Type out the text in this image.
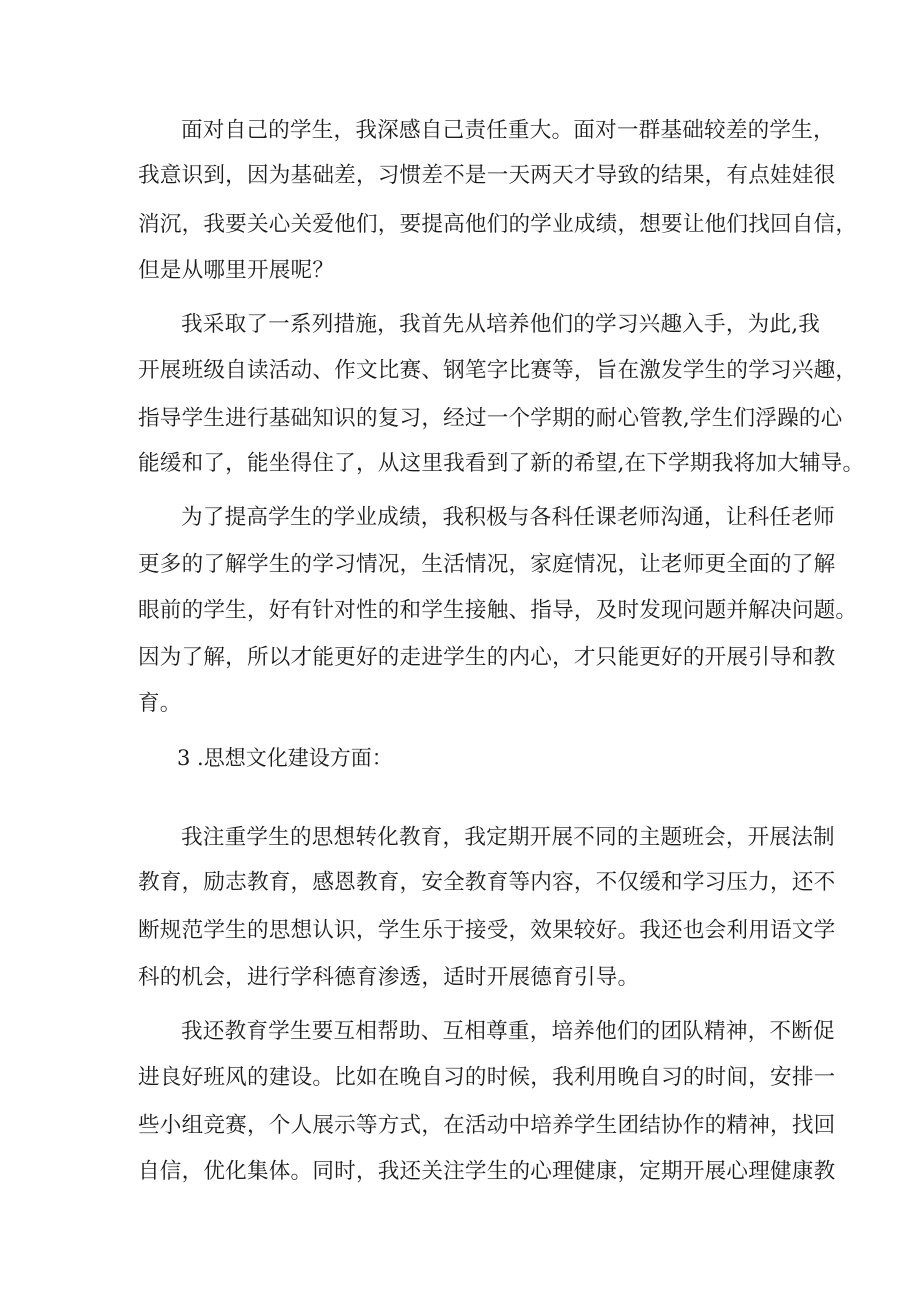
面对自己的学生，我深感自己责任重大。面对一群基础较差的学生，
我意识到，因为基础差，习惯差不是一天两天才导致的结果，有点娃娃很
消沉，我要关心关爱他们，要提高他们的学业成绩，想要让他们找回自信，
但是从哪里开展呢？
我采取了一系列措施，我首先从培养他们的学习兴趣入手，为此,我
开展班级自读活动、作文比赛、钢笔字比赛等，旨在激发学生的学习兴趣，
指导学生进行基础知识的复习，经过一个学期的耐心管教,学生们浮躁的心
能缓和了，能坐得住了，从这里我看到了新的希望,在下学期我将加大辅导。
为了提高学生的学业成绩，我积极与各科任课老师沟通，让科任老师
更多的了解学生的学习情况，生活情况，家庭情况，让老师更全面的了解
眼前的学生，好有针对性的和学生接触、指导，及时发现问题并解决问题。
因为了解，所以才能更好的走进学生的内心，才只能更好的开展引导和教
育。
3 .思想文化建设方面：
我注重学生的思想转化教育，我定期开展不同的主题班会，开展法制
教育，励志教育，感恩教育，安全教育等内容，不仅缓和学习压力，还不
断规范学生的思想认识，学生乐于接受，效果较好。我还也会利用语文学
科的机会，进行学科德育渗透，适时开展德育引导。
我还教育学生要互相帮助、互相尊重，培养他们的团队精神，不断促
进良好班风的建设。比如在晚自习的时候，我利用晚自习的时间，安排一
些小组竞赛，个人展示等方式，在活动中培养学生团结协作的精神，找回
自信，优化集体。同时，我还关注学生的心理健康，定期开展心理健康教
